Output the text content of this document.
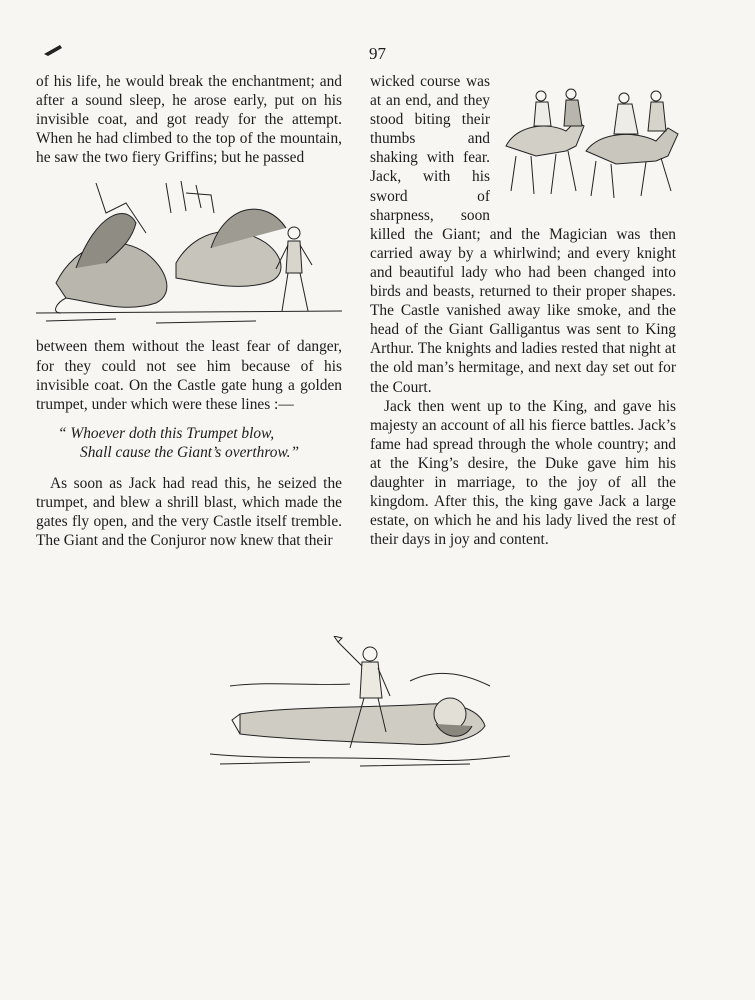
97

of his life, he would break the enchantment; and after a sound sleep, he arose early, put on his invisible coat, and got ready for the attempt. When he had climbed to the top of the mountain, he saw the two fiery Griffins; but he passed

between them without the least fear of danger, for they could not see him because of his invisible coat. On the Castle gate hung a golden trumpet, under which were these lines :—

“ Whoever doth this Trumpet blow,

Shall cause the Giant’s overthrow.”

As soon as Jack had read this, he seized the trumpet, and blew a shrill blast, which made the gates fly open, and the very Castle itself tremble. The Giant and the Conjuror now knew that their

wicked course was at an end, and they stood biting their thumbs and shaking with fear. Jack, with his sword of sharpness, soon killed the Giant; and the Magician was then carried away by a whirlwind; and every knight and beautiful lady who had been changed into birds and beasts, returned to their proper shapes. The Castle vanished away like smoke, and the head of the Giant Galligantus was sent to King Arthur. The knights and ladies rested that night at the old man’s hermitage, and next day set out for the Court.

Jack then went up to the King, and gave his majesty an account of all his fierce battles. Jack’s fame had spread through the whole country; and at the King’s desire, the Duke gave him his daughter in marriage, to the joy of all the kingdom. After this, the king gave Jack a large estate, on which he and his lady lived the rest of their days in joy and content.
